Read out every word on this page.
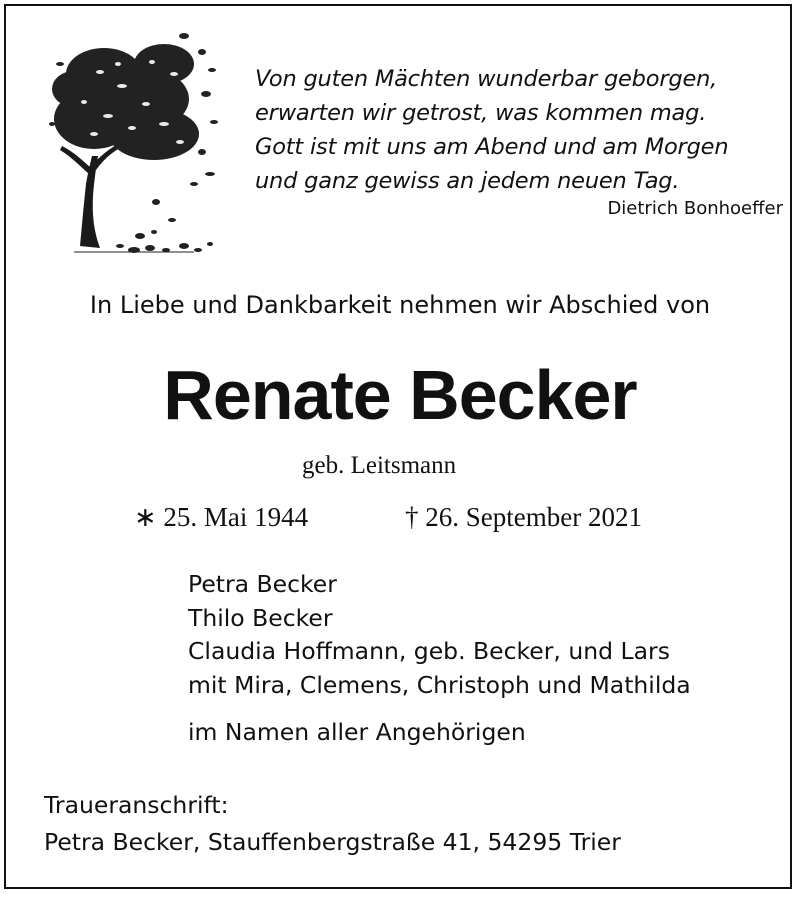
Von guten Mächten wunderbar geborgen,
erwarten wir getrost, was kommen mag.
Gott ist mit uns am Abend und am Morgen
und ganz gewiss an jedem neuen Tag.
Dietrich Bonhoeffer
In Liebe und Dankbarkeit nehmen wir Abschied von
Renate Becker
geb. Leitsmann
∗ 25. Mai 1944	† 26. September 2021
Petra Becker
Thilo Becker
Claudia Hoffmann, geb. Becker, und Lars
mit Mira, Clemens, Christoph und Mathilda
im Namen aller Angehörigen
Traueranschrift:
Petra Becker, Stauffenbergstraße 41, 54295 Trier
